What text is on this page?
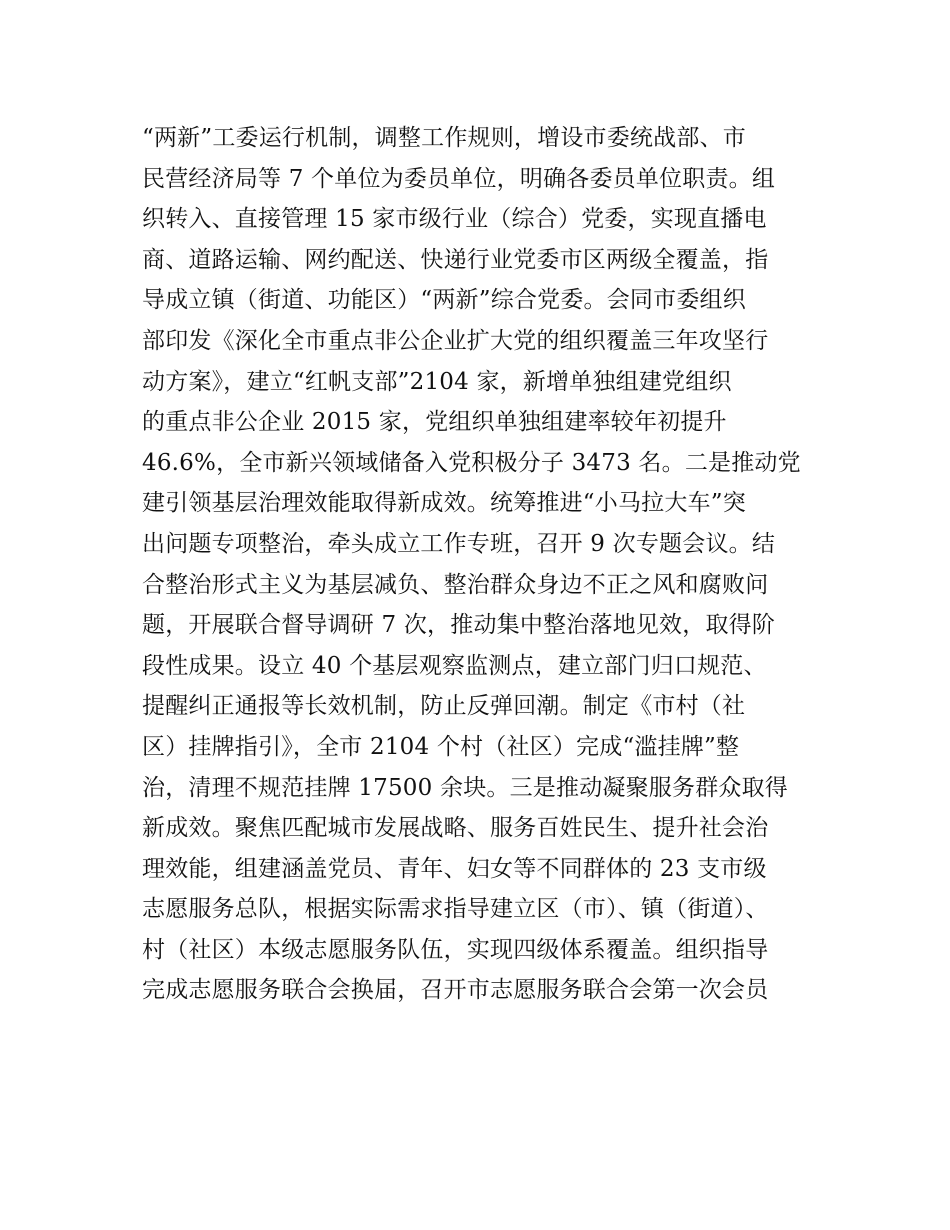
“两新”工委运行机制，调整工作规则，增设市委统战部、市
民营经济局等 7 个单位为委员单位，明确各委员单位职责。组
织转入、直接管理 15 家市级行业（综合）党委，实现直播电
商、道路运输、网约配送、快递行业党委市区两级全覆盖，指
导成立镇（街道、功能区）“两新”综合党委。会同市委组织
部印发《深化全市重点非公企业扩大党的组织覆盖三年攻坚行
动方案》，建立“红帆支部”2104 家，新增单独组建党组织
的重点非公企业 2015 家，党组织单独组建率较年初提升
46.6%，全市新兴领域储备入党积极分子 3473 名。二是推动党
建引领基层治理效能取得新成效。统筹推进“小马拉大车”突
出问题专项整治，牵头成立工作专班，召开 9 次专题会议。结
合整治形式主义为基层减负、整治群众身边不正之风和腐败问
题，开展联合督导调研 7 次，推动集中整治落地见效，取得阶
段性成果。设立 40 个基层观察监测点，建立部门归口规范、
提醒纠正通报等长效机制，防止反弹回潮。制定《市村（社
区）挂牌指引》，全市 2104 个村（社区）完成“滥挂牌”整
治，清理不规范挂牌 17500 余块。三是推动凝聚服务群众取得
新成效。聚焦匹配城市发展战略、服务百姓民生、提升社会治
理效能，组建涵盖党员、青年、妇女等不同群体的 23 支市级
志愿服务总队，根据实际需求指导建立区（市）、镇（街道）、
村（社区）本级志愿服务队伍，实现四级体系覆盖。组织指导
完成志愿服务联合会换届，召开市志愿服务联合会第一次会员
